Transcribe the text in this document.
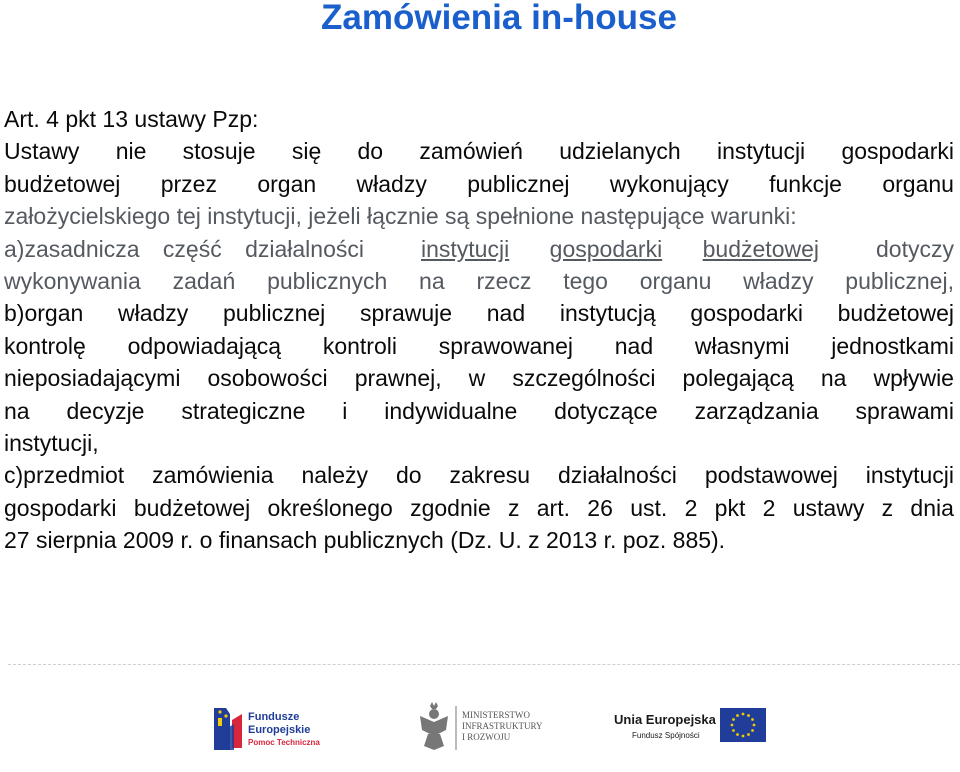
Zamówienia in-house
Art. 4 pkt 13 ustawy Pzp:
Ustawy nie stosuje się do zamówień udzielanych instytucji gospodarki
budżetowej przez organ władzy publicznej wykonujący funkcje organu
założycielskiego tej instytucji, jeżeli łącznie są spełnione następujące warunki:
a)zasadnicza część działalności instytucji gospodarki budżetowej dotyczy
wykonywania zadań publicznych na rzecz tego organu władzy publicznej,
b)organ władzy publicznej sprawuje nad instytucją gospodarki budżetowej
kontrolę odpowiadającą kontroli sprawowanej nad własnymi jednostkami
nieposiadającymi osobowości prawnej, w szczególności polegającą na wpływie
na decyzje strategiczne i indywidualne dotyczące zarządzania sprawami
instytucji,
c)przedmiot zamówienia należy do zakresu działalności podstawowej instytucji
gospodarki budżetowej określonego zgodnie z art. 26 ust. 2 pkt 2 ustawy z dnia
27 sierpnia 2009 r. o finansach publicznych (Dz. U. z 2013 r. poz. 885).
Fundusze
Europejskie
Pomoc Techniczna
MINISTERSTWO
INFRASTRUKTURY
I ROZWOJU
Unia Europejska
Fundusz Spójności
